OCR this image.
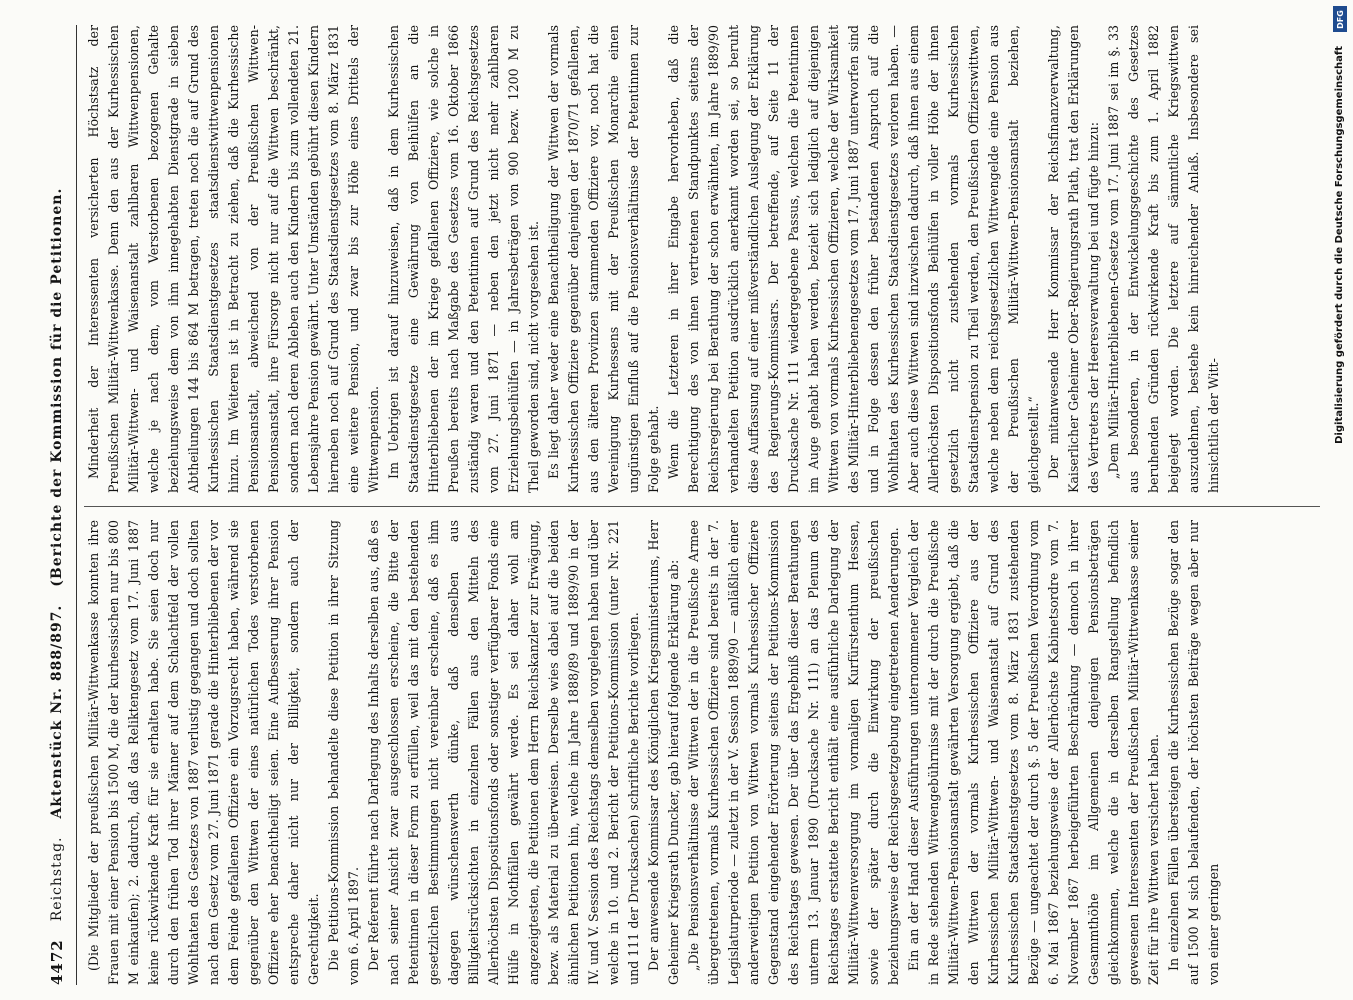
4472
Reichstag.
Aktenstück Nr. 888/897.
(Berichte der Kommission für die Petitionen.

(Die Mitglieder der preußischen Militär-Wittwenkasse konnten ihre Frauen mit einer Pension bis 1500 M, die der kurhessischen nur bis 800 M einkaufen); 2. dadurch, daß das Reliktengesetz vom 17. Juni 1887 keine rückwirkende Kraft für sie erhalten habe. Sie seien doch nur durch den frühen Tod ihrer Männer auf dem Schlachtfeld der vollen Wohlthaten des Gesetzes von 1887 verlustig gegangen und doch sollten nach dem Gesetz vom 27. Juni 1871 gerade die Hinterbliebenen der vor dem Feinde gefallenen Offiziere ein Vorzugsrecht haben, während sie gegenüber den Wittwen der eines natürlichen Todes verstorbenen Offiziere eher benachtheiligt seien. Eine Aufbesserung ihrer Pension entspreche daher nicht nur der Billigkeit, sondern auch der Gerechtigkeit. Die Petitions-Kommission behandelte diese Petition in ihrer Sitzung vom 6. April 1897. Der Referent führte nach Darlegung des Inhalts derselben aus, daß es nach seiner Ansicht zwar ausgeschlossen erscheine, die Bitte der Petentinnen in dieser Form zu erfüllen, weil das mit den bestehenden gesetzlichen Bestimmungen nicht vereinbar erscheine, daß es ihm dagegen wünschenswerth dünke, daß denselben aus Billigkeitsrücksichten in einzelnen Fällen aus den Mitteln des Allerhöchsten Dispositionsfonds oder sonstiger verfügbarer Fonds eine Hülfe in Nothfällen gewährt werde. Es sei daher wohl am angezeigtesten, die Petitionen dem Herrn Reichskanzler zur Erwägung, bezw. als Material zu überweisen. Derselbe wies dabei auf die beiden ähnlichen Petitionen hin, welche im Jahre 1888/89 und 1889/90 in der IV. und V. Session des Reichstags demselben vorgelegen haben und über welche in 10. und 2. Bericht der Petitions-Kommission (unter Nr. 221 und 111 der Drucksachen) schriftliche Berichte vorliegen. Der anwesende Kommissar des Königlichen Kriegsministeriums, Herr Geheimer Kriegsrath Duncker, gab hierauf folgende Erklärung ab: „Die Pensionsverhältnisse der Wittwen der in die Preußische Armee übergetretenen, vormals Kurhessischen Offiziere sind bereits in der 7. Legislaturperiode — zuletzt in der V. Session 1889/90 — anläßlich einer anderweitigen Petition von Wittwen vormals Kurhessischer Offiziere Gegenstand eingehender Erörterung seitens der Petitions-Kommission des Reichstages gewesen. Der über das Ergebniß dieser Berathungen unterm 13. Januar 1890 (Drucksache Nr. 111) an das Plenum des Reichstages erstattete Bericht enthält eine ausführliche Darlegung der Militär-Wittwenversorgung im vormaligen Kurfürstenthum Hessen, sowie der später durch die Einwirkung der preußischen beziehungsweise der Reichsgesetzgebung eingetretenen Aenderungen. Ein an der Hand dieser Ausführungen unternommener Vergleich der in Rede stehenden Wittwengebührnisse mit der durch die Preußische Militär-Wittwen-Pensionsanstalt gewährten Versorgung ergiebt, daß die den Wittwen der vormals Kurhessischen Offiziere aus der Kurhessischen Militär-Wittwen- und Waisenanstalt auf Grund des Kurhessischen Staatsdienstgesetzes vom 8. März 1831 zustehenden Bezüge — ungeachtet der durch §. 5 der Preußischen Verordnung vom 6. Mai 1867 beziehungsweise der Allerhöchste Kabinetsordre vom 7. November 1867 herbeigeführten Beschränkung — dennoch in ihrer Gesammthöhe im Allgemeinen denjenigen Pensionsbeträgen gleichkommen, welche die in derselben Rangstellung befindlich gewesenen Interessenten der Preußischen Militär-Wittwenkasse seiner Zeit für ihre Wittwen versichert haben. In einzelnen Fällen übersteigen die Kurhessischen Bezüge sogar den auf 1500 M sich belaufenden, der höchsten Beiträge wegen aber nur von einer geringen

Minderheit der Interessenten versicherten Höchstsatz der Preußischen Militär-Wittwenkasse. Denn den aus der Kurhessischen Militär-Wittwen- und Waisenanstalt zahlbaren Wittwenpensionen, welche je nach dem, vom Verstorbenen bezogenen Gehalte beziehungsweise dem von ihm innegehabten Dienstgrade in sieben Abtheilungen 144 bis 864 M betragen, treten noch die auf Grund des Kurhessischen Staatsdienstgesetzes staatsdienstwittwenpensionen hinzu. Im Weiteren ist in Betracht zu ziehen, daß die Kurhessische Pensionsanstalt, abweichend von der Preußischen Wittwen-Pensionsanstalt, ihre Fürsorge nicht nur auf die Wittwen beschränkt, sondern nach deren Ableben auch den Kindern bis zum vollendeten 21. Lebensjahre Pension gewährt. Unter Umständen gebührt diesen Kindern hierneben noch auf Grund des Staatsdienstgesetzes vom 8. März 1831 eine weitere Pension, und zwar bis zur Höhe eines Drittels der Wittwenpension. Im Uebrigen ist darauf hinzuweisen, daß in dem Kurhessischen Staatsdienstgesetze eine Gewährung von Beihülfen an die Hinterbliebenen der im Kriege gefallenen Offiziere, wie solche in Preußen bereits nach Maßgabe des Gesetzes vom 16. Oktober 1866 zuständig waren und den Petentinnen auf Grund des Reichsgesetzes vom 27. Juni 1871 — neben den jetzt nicht mehr zahlbaren Erziehungsbeihülfen — in Jahresbeträgen von 900 bezw. 1200 M zu Theil geworden sind, nicht vorgesehen ist. Es liegt daher weder eine Benachtheiligung der Wittwen der vormals Kurhessischen Offiziere gegenüber denjenigen der 1870/71 gefallenen, aus den älteren Provinzen stammenden Offiziere vor, noch hat die Vereinigung Kurhessens mit der Preußischen Monarchie einen ungünstigen Einfluß auf die Pensionsverhältnisse der Petentinnen zur Folge gehabt. Wenn die Letzteren in ihrer Eingabe hervorheben, daß die Berechtigung des von ihnen vertretenen Standpunktes seitens der Reichsregierung bei Berathung der schon erwähnten, im Jahre 1889/90 verhandelten Petition ausdrücklich anerkannt worden sei, so beruht diese Auffassung auf einer mißverständlichen Auslegung der Erklärung des Regierungs-Kommissars. Der betreffende, auf Seite 11 der Drucksache Nr. 111 wiedergegebene Passus, welchen die Petentinnen im Auge gehabt haben werden, bezieht sich lediglich auf diejenigen Wittwen von vormals Kurhessischen Offizieren, welche der Wirksamkeit des Militär-Hinterbliebenengesetzes vom 17. Juni 1887 unterworfen sind und in Folge dessen den früher bestandenen Anspruch auf die Wohlthaten des Kurhessischen Staatsdienstgesetzes verloren haben. — Aber auch diese Wittwen sind inzwischen dadurch, daß ihnen aus einem Allerhöchsten Dispositionsfonds Beihülfen in voller Höhe der ihnen gesetzlich nicht zustehenden vormals Kurhessischen Staatsdienstpension zu Theil werden, den Preußischen Offizierswittwen, welche neben dem reichsgesetzlichen Wittwengelde eine Pension aus der Preußischen Militär-Wittwen-Pensionsanstalt beziehen, gleichgestellt.“ Der mitanwesende Herr Kommissar der Reichsfinanzverwaltung, Kaiserlicher Geheimer Ober-Regierungsrath Plath, trat den Erklärungen des Vertreters der Heeresverwaltung bei und fügte hinzu: „Dem Militär-Hinterbliebenen-Gesetze vom 17. Juni 1887 sei im §. 33 aus besonderen, in der Entwickelungsgeschichte des Gesetzes beruhenden Gründen rückwirkende Kraft bis zum 1. April 1882 beigelegt worden. Die letztere auf sämmtliche Kriegswittwen auszudehnen, bestehe kein hinreichender Anlaß. Insbesondere sei hinsichtlich der Witt-

DFG
Digitalisierung gefördert durch die Deutsche Forschungsgemeinschaft
